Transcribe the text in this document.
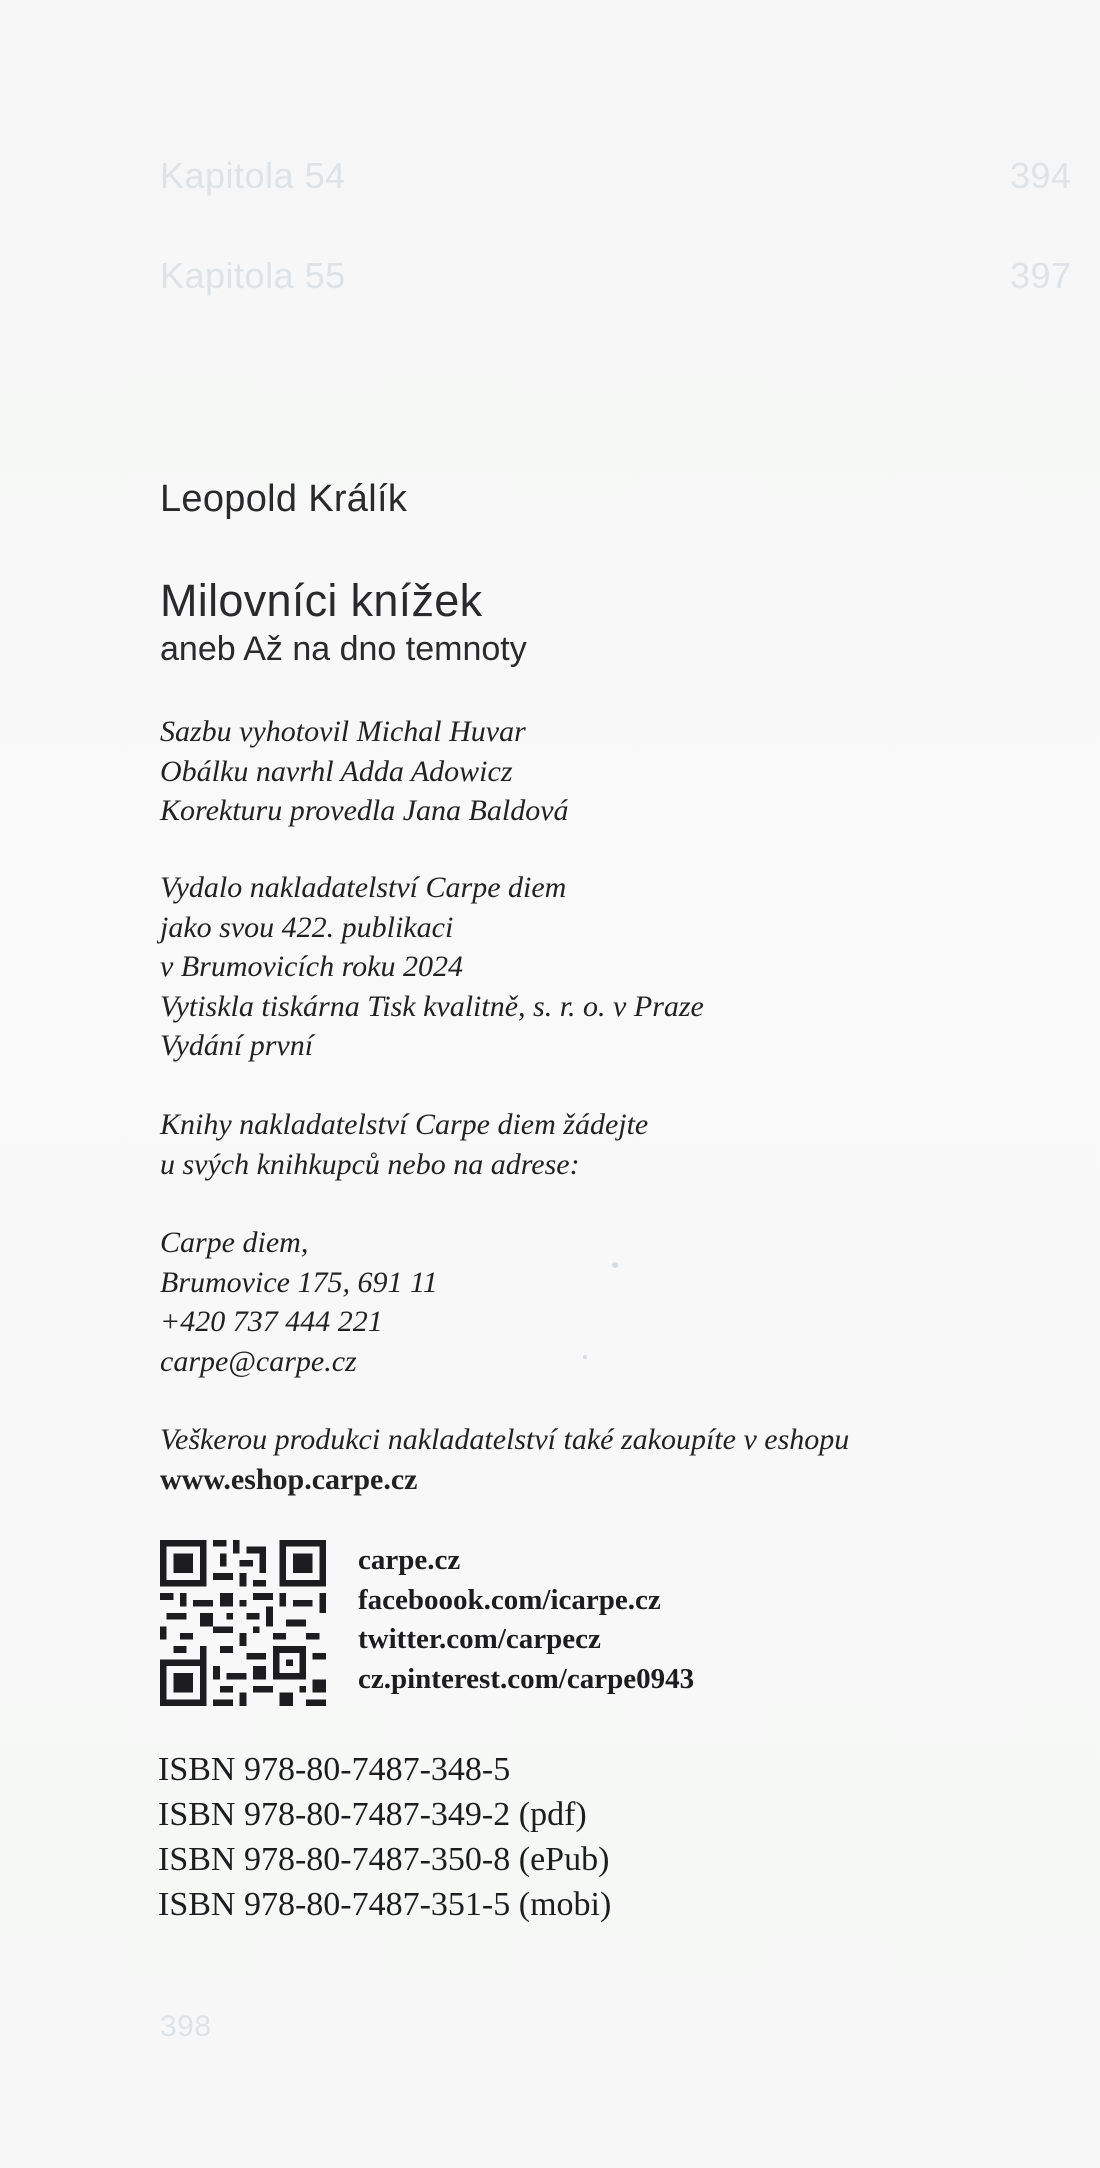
Kapitola 54	394
Kapitola 55	397
398
Leopold Králík
Milovníci knížek
aneb Až na dno temnoty
Sazbu vyhotovil Michal Huvar
Obálku navrhl Adda Adowicz
Korekturu provedla Jana Baldová
Vydalo nakladatelství Carpe diem
jako svou 422. publikaci
v Brumovicích roku 2024
Vytiskla tiskárna Tisk kvalitně, s. r. o. v Praze
Vydání první
Knihy nakladatelství Carpe diem žádejte
u svých knihkupců nebo na adrese:
Carpe diem,
Brumovice 175, 691 11
+420 737 444 221
carpe@carpe.cz
Veškerou produkci nakladatelství také zakoupíte v eshopu
www.eshop.carpe.cz
carpe.cz
faceboook.com/icarpe.cz
twitter.com/carpecz
cz.pinterest.com/carpe0943
ISBN 978-80-7487-348-5
ISBN 978-80-7487-349-2 (pdf)
ISBN 978-80-7487-350-8 (ePub)
ISBN 978-80-7487-351-5 (mobi)
